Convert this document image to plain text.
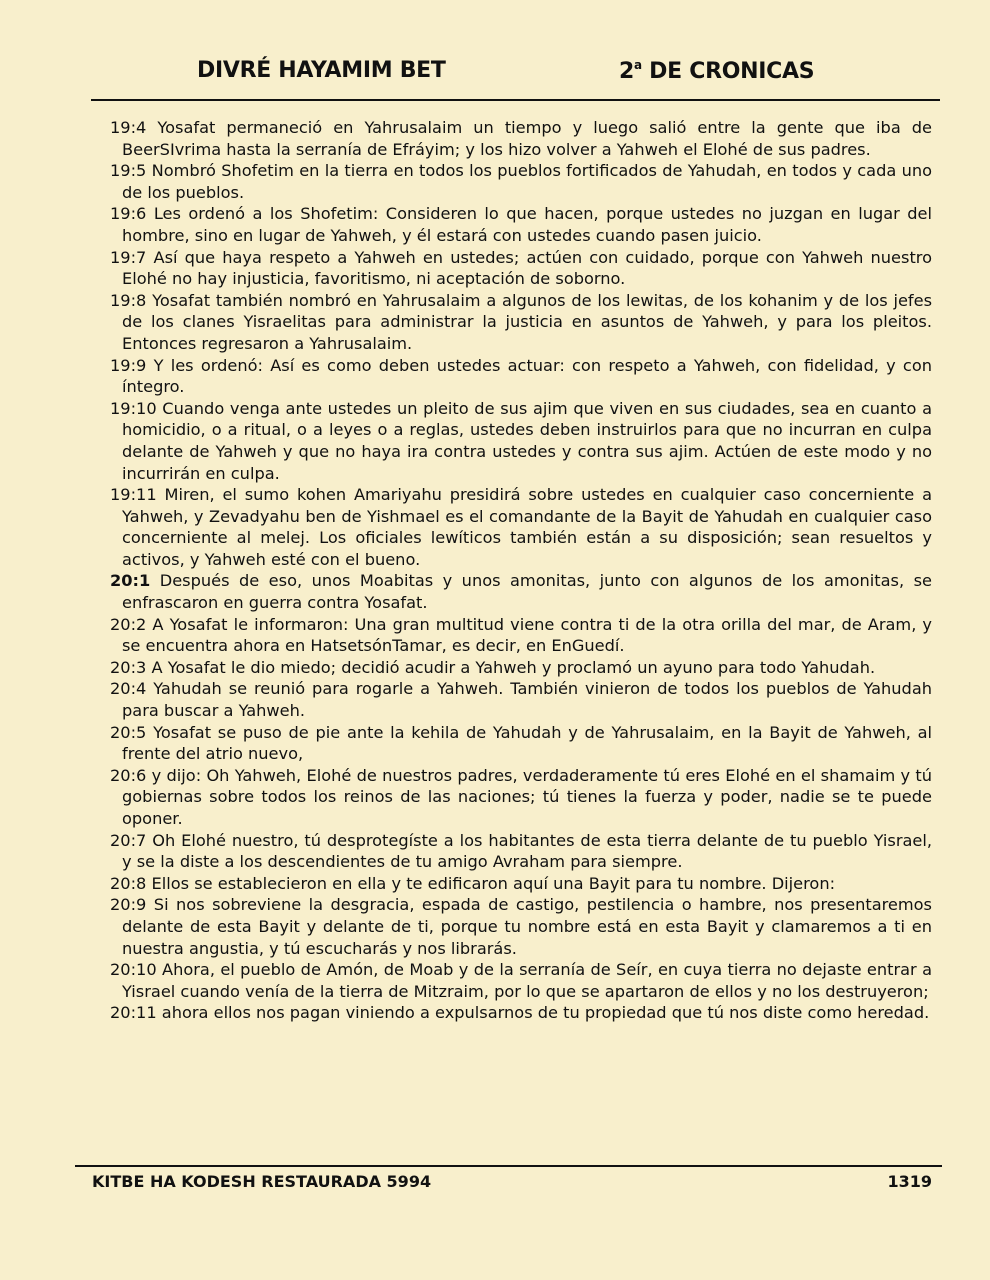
DIVRÉ HAYAMIM BET	2$^a$ DE CRONICAS

19:4 Yosafat permaneció en Yahrusalaim un tiempo y luego salió entre la gente que iba de BeerSIvrima hasta la serranía de Efráyim; y los hizo volver a Yahweh el Elohé de sus padres.

19:5 Nombró Shofetim en la tierra en todos los pueblos fortificados de Yahudah, en todos y cada uno de los pueblos.

19:6 Les ordenó a los Shofetim: Consideren lo que hacen, porque ustedes no juzgan en lugar del hombre, sino en lugar de Yahweh, y él estará con ustedes cuando pasen juicio.

19:7 Así que haya respeto a Yahweh en ustedes; actúen con cuidado, porque con Yahweh nuestro Elohé no hay injusticia, favoritismo, ni aceptación de soborno.

19:8 Yosafat también nombró en Yahrusalaim a algunos de los lewitas, de los kohanim y de los jefes de los clanes Yisraelitas para administrar la justicia en asuntos de Yahweh, y para los pleitos. Entonces regresaron a Yahrusalaim.

19:9 Y les ordenó: Así es como deben ustedes actuar: con respeto a Yahweh, con fidelidad, y con íntegro.

19:10 Cuando venga ante ustedes un pleito de sus ajim que viven en sus ciudades, sea en cuanto a homicidio, o a ritual, o a leyes o a reglas, ustedes deben instruirlos para que no incurran en culpa delante de Yahweh y que no haya ira contra ustedes y contra sus ajim. Actúen de este modo y no incurrirán en culpa.

19:11 Miren, el sumo kohen Amariyahu presidirá sobre ustedes en cualquier caso concerniente a Yahweh, y Zevadyahu ben de Yishmael es el comandante de la Bayit de Yahudah en cualquier caso concerniente al melej. Los oficiales lewíticos también están a su disposición; sean resueltos y activos, y Yahweh esté con el bueno.

20:1 Después de eso, unos Moabitas y unos amonitas, junto con algunos de los amonitas, se enfrascaron en guerra contra Yosafat.

20:2 A Yosafat le informaron: Una gran multitud viene contra ti de la otra orilla del mar, de Aram, y se encuentra ahora en HatsetsónTamar, es decir, en EnGuedí.

20:3 A Yosafat le dio miedo; decidió acudir a Yahweh y proclamó un ayuno para todo Yahudah.

20:4 Yahudah se reunió para rogarle a Yahweh. También vinieron de todos los pueblos de Yahudah para buscar a Yahweh.

20:5 Yosafat se puso de pie ante la kehila de Yahudah y de Yahrusalaim, en la Bayit de Yahweh, al frente del atrio nuevo,

20:6 y dijo: Oh Yahweh, Elohé de nuestros padres, verdaderamente tú eres Elohé en el shamaim y tú gobiernas sobre todos los reinos de las naciones; tú tienes la fuerza y poder, nadie se te puede oponer.

20:7 Oh Elohé nuestro, tú desprotegíste a los habitantes de esta tierra delante de tu pueblo Yisrael, y se la diste a los descendientes de tu amigo Avraham para siempre.

20:8 Ellos se establecieron en ella y te edificaron aquí una Bayit para tu nombre. Dijeron:

20:9 Si nos sobreviene la desgracia, espada de castigo, pestilencia o hambre, nos presentaremos delante de esta Bayit y delante de ti, porque tu nombre está en esta Bayit y clamaremos a ti en nuestra angustia, y tú escucharás y nos librarás.

20:10 Ahora, el pueblo de Amón, de Moab y de la serranía de Seír, en cuya tierra no dejaste entrar a Yisrael cuando venía de la tierra de Mitzraim, por lo que se apartaron de ellos y no los destruyeron;

20:11 ahora ellos nos pagan viniendo a expulsarnos de tu propiedad que tú nos diste como heredad.

KITBE HA KODESH RESTAURADA 5994	1319
